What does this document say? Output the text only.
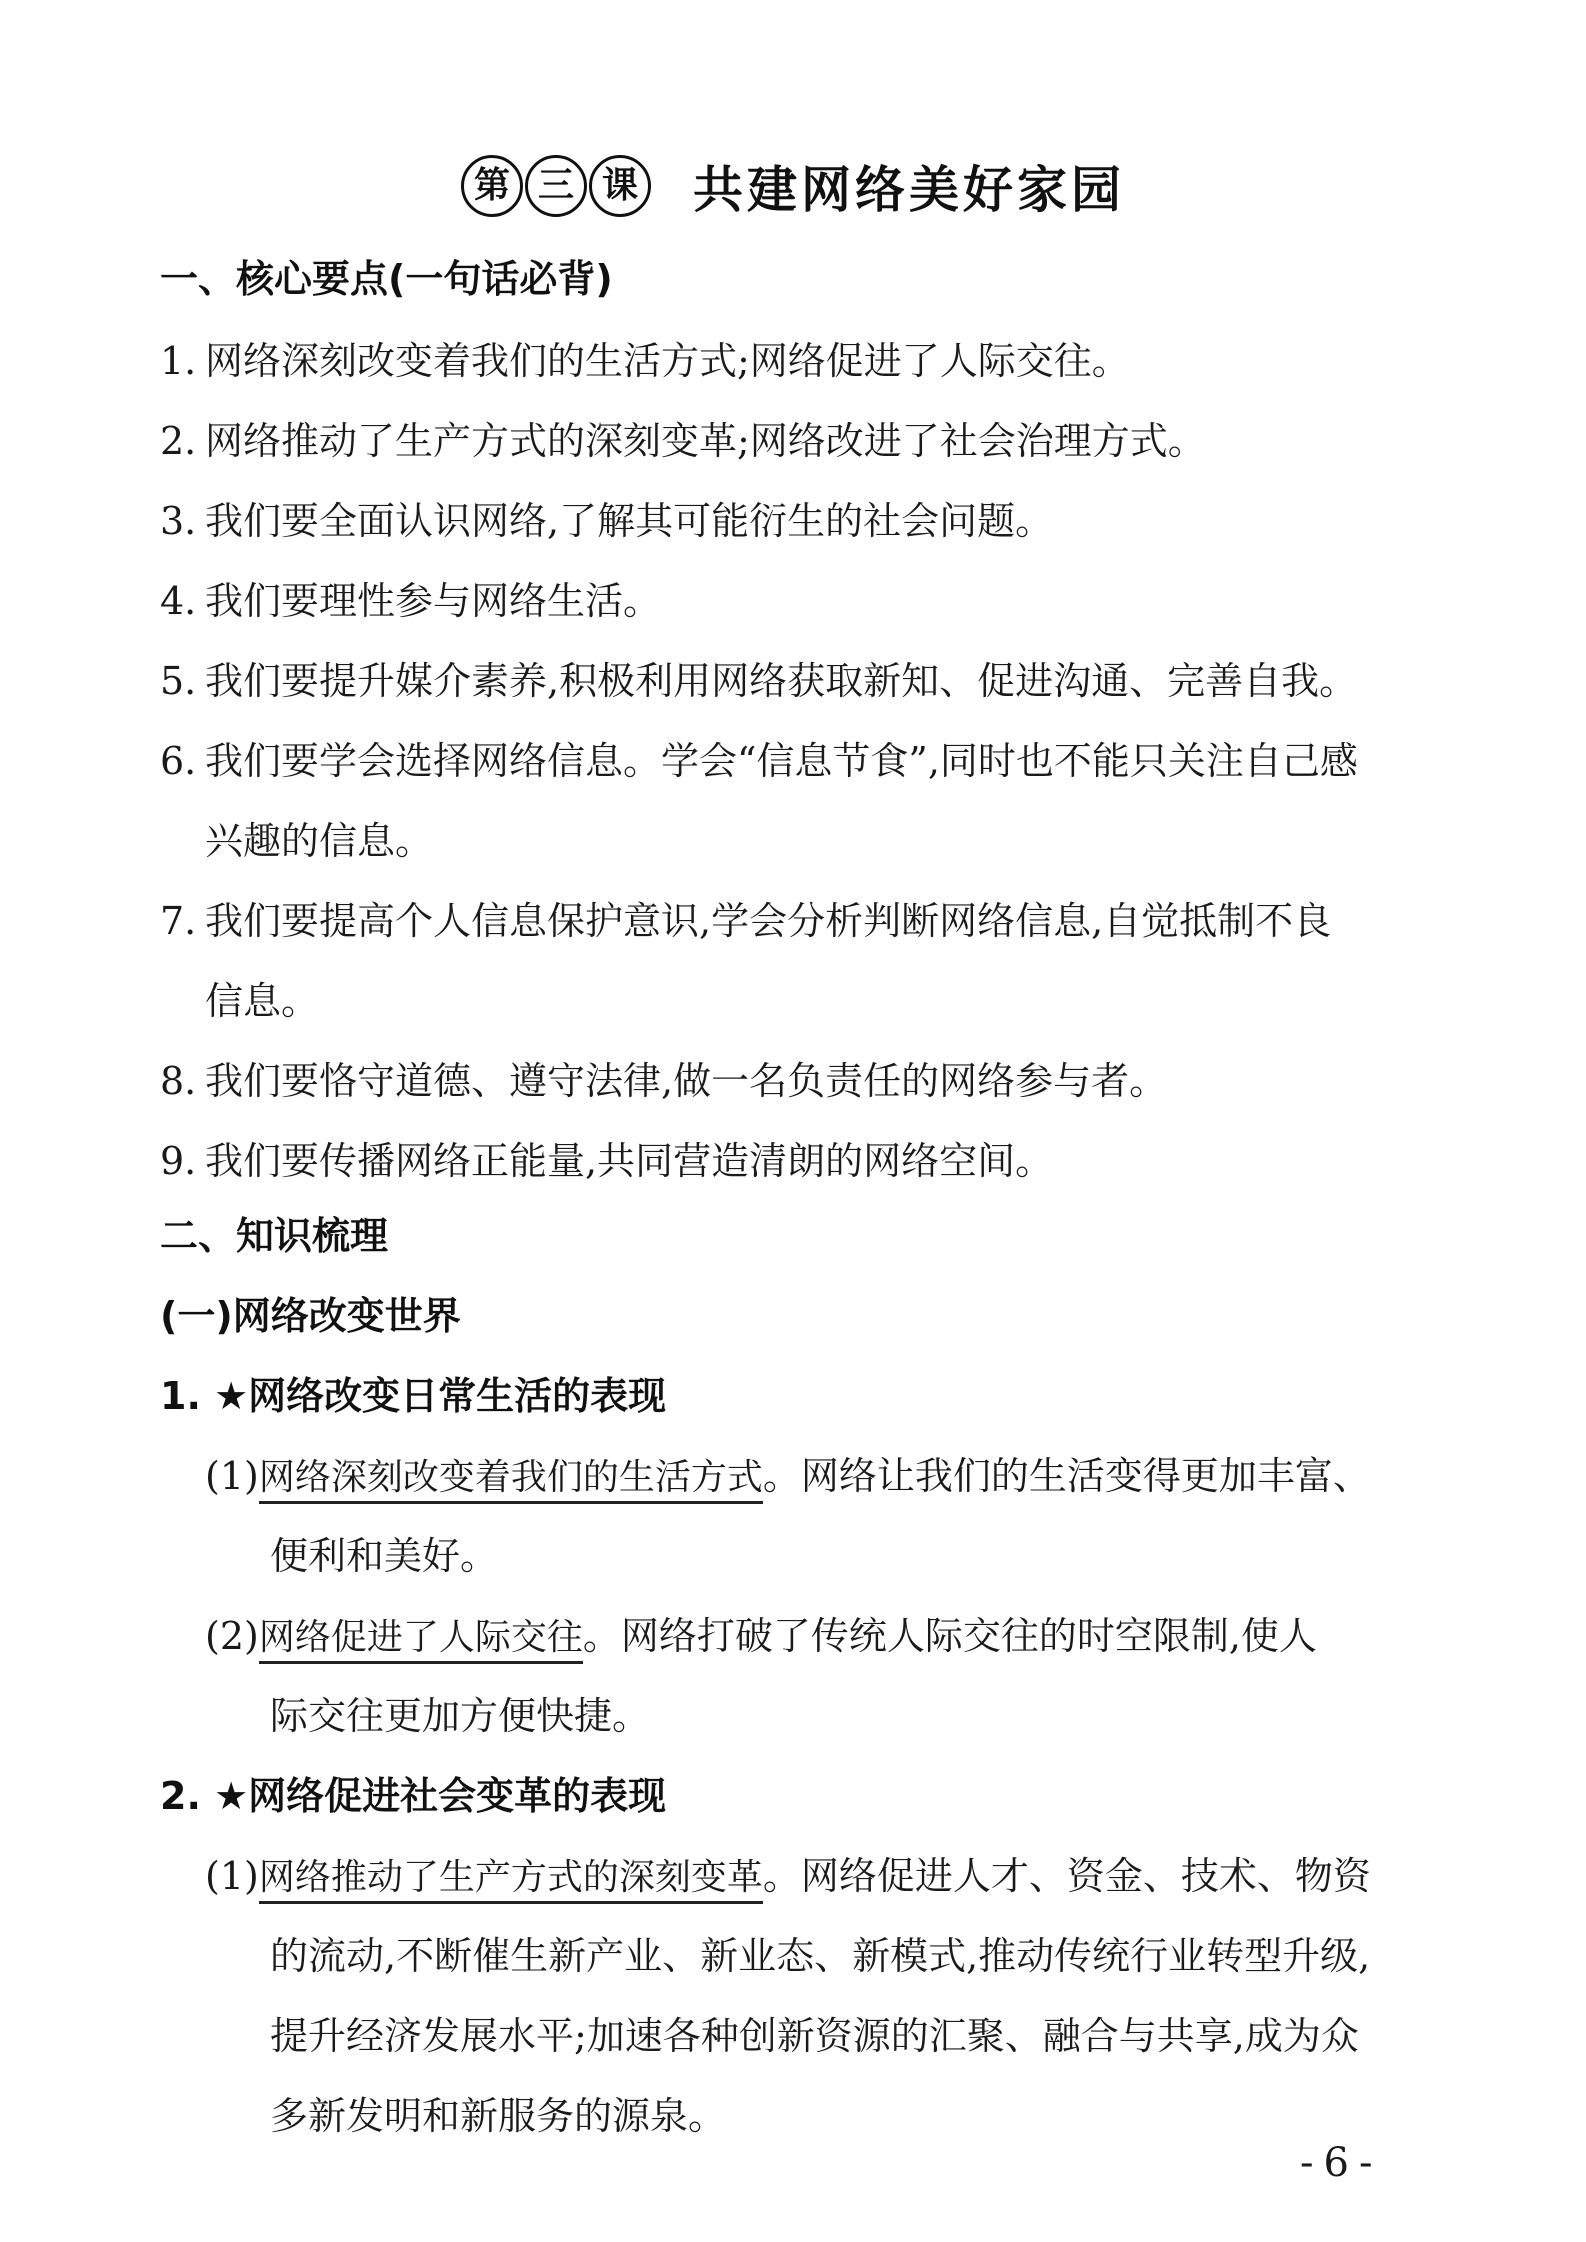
第 三 课 共建网络美好家园
一、核心要点(一句话必背)
1. 网络深刻改变着我们的生活方式;网络促进了人际交往。
2. 网络推动了生产方式的深刻变革;网络改进了社会治理方式。
3. 我们要全面认识网络,了解其可能衍生的社会问题。
4. 我们要理性参与网络生活。
5. 我们要提升媒介素养,积极利用网络获取新知、促进沟通、完善自我。
6. 我们要学会选择网络信息。学会“信息节食”,同时也不能只关注自己感
兴趣的信息。
7. 我们要提高个人信息保护意识,学会分析判断网络信息,自觉抵制不良
信息。
8. 我们要恪守道德、遵守法律,做一名负责任的网络参与者。
9. 我们要传播网络正能量,共同营造清朗的网络空间。
二、知识梳理
(一)网络改变世界
1. ★网络改变日常生活的表现
(1)网络深刻改变着我们的生活方式。网络让我们的生活变得更加丰富、
便利和美好。
(2)网络促进了人际交往。网络打破了传统人际交往的时空限制,使人
际交往更加方便快捷。
2. ★网络促进社会变革的表现
(1)网络推动了生产方式的深刻变革。网络促进人才、资金、技术、物资
的流动,不断催生新产业、新业态、新模式,推动传统行业转型升级,
提升经济发展水平;加速各种创新资源的汇聚、融合与共享,成为众
多新发明和新服务的源泉。
-6-
